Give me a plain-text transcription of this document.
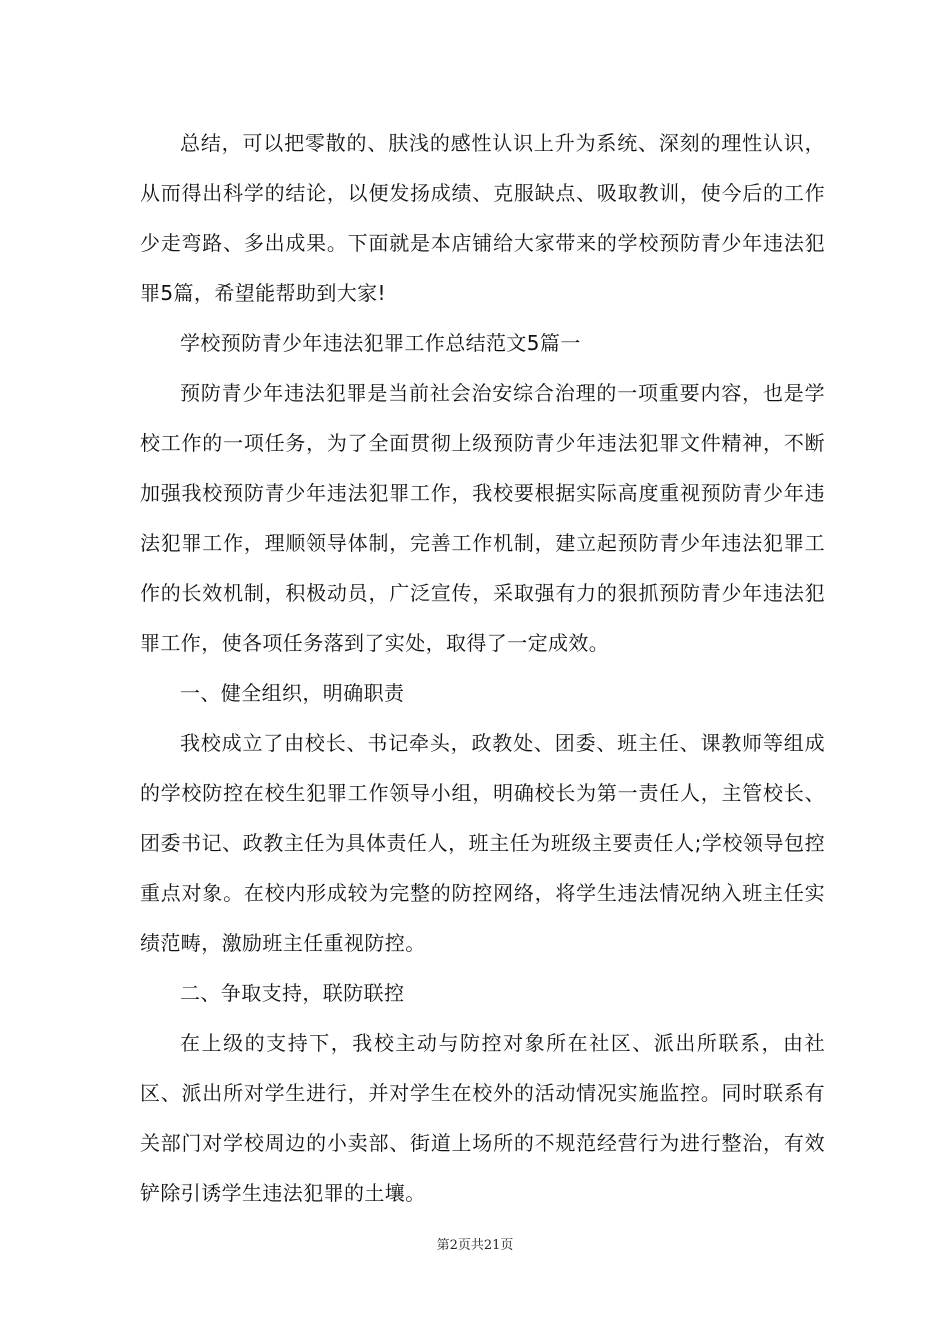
总结，可以把零散的、肤浅的感性认识上升为系统、深刻的理性认识，从而得出科学的结论，以便发扬成绩、克服缺点、吸取教训，使今后的工作少走弯路、多出成果。下面就是本店铺给大家带来的学校预防青少年违法犯罪5篇，希望能帮助到大家!

学校预防青少年违法犯罪工作总结范文5篇一

预防青少年违法犯罪是当前社会治安综合治理的一项重要内容，也是学校工作的一项任务，为了全面贯彻上级预防青少年违法犯罪文件精神，不断加强我校预防青少年违法犯罪工作，我校要根据实际高度重视预防青少年违法犯罪工作，理顺领导体制，完善工作机制，建立起预防青少年违法犯罪工作的长效机制，积极动员，广泛宣传，采取强有力的狠抓预防青少年违法犯罪工作，使各项任务落到了实处，取得了一定成效。

一、健全组织，明确职责

我校成立了由校长、书记牵头，政教处、团委、班主任、课教师等组成的学校防控在校生犯罪工作领导小组，明确校长为第一责任人，主管校长、团委书记、政教主任为具体责任人，班主任为班级主要责任人;学校领导包控重点对象。在校内形成较为完整的防控网络，将学生违法情况纳入班主任实绩范畴，激励班主任重视防控。

二、争取支持，联防联控

在上级的支持下，我校主动与防控对象所在社区、派出所联系，由社区、派出所对学生进行，并对学生在校外的活动情况实施监控。同时联系有关部门对学校周边的小卖部、街道上场所的不规范经营行为进行整治，有效铲除引诱学生违法犯罪的土壤。

第2页共21页
